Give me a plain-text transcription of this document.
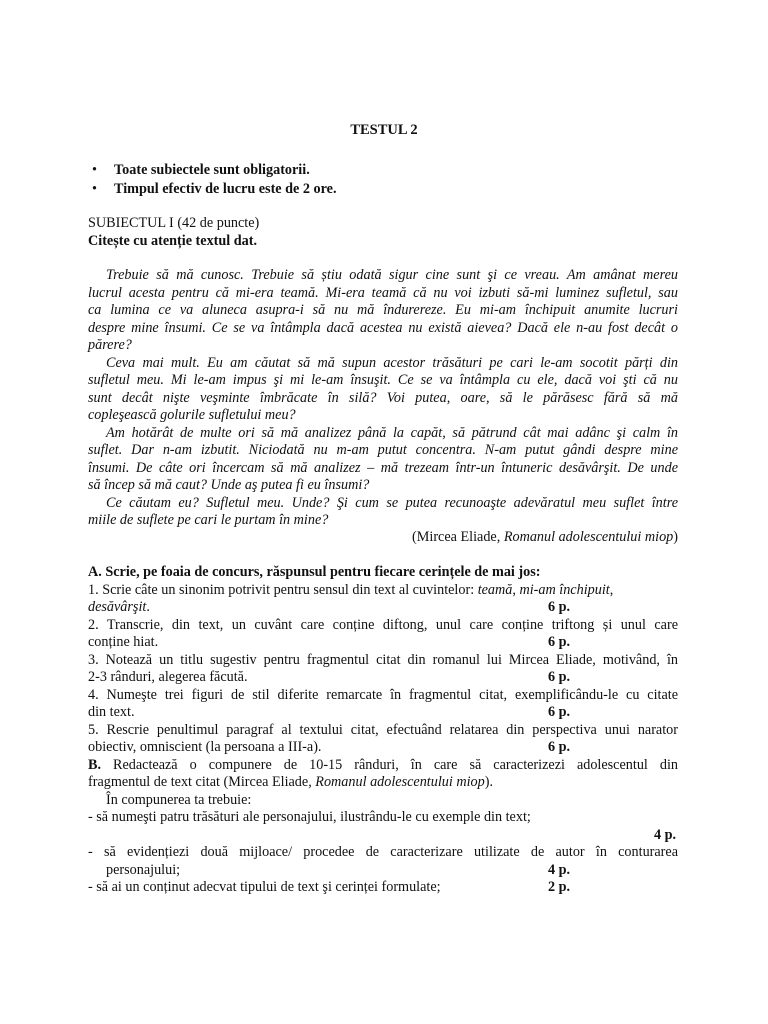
TESTUL 2
• Toate subiectele sunt obligatorii.
• Timpul efectiv de lucru este de 2 ore.
SUBIECTUL I (42 de puncte)
Citește cu atenție textul dat.
Trebuie să mă cunosc. Trebuie să știu odată sigur cine sunt şi ce vreau. Am amânat mereu
lucrul acesta pentru că mi-era teamă. Mi-era teamă că nu voi izbuti să-mi luminez sufletul, sau
ca lumina ce va aluneca asupra-i să nu mă îndurereze. Eu mi-am închipuit anumite lucruri
despre mine însumi. Ce se va întâmpla dacă acestea nu există aievea? Dacă ele n-au fost decât o
părere?
Ceva mai mult. Eu am căutat să mă supun acestor trăsături pe cari le-am socotit părți din
sufletul meu. Mi le-am impus şi mi le-am însuşit. Ce se va întâmpla cu ele, dacă voi şti că nu
sunt decât nişte veşminte îmbrăcate în silă? Voi putea, oare, să le părăsesc fără să mă
copleşească golurile sufletului meu?
Am hotărât de multe ori să mă analizez până la capăt, să pătrund cât mai adânc şi calm în
suflet. Dar n-am izbutit. Niciodată nu m-am putut concentra. N-am putut gândi despre mine
însumi. De câte ori încercam să mă analizez – mă trezeam într-un întuneric desăvârşit. De unde
să încep să mă caut? Unde aş putea fi eu însumi?
Ce căutam eu? Sufletul meu. Unde? Şi cum se putea recunoaşte adevăratul meu suflet între
miile de suflete pe cari le purtam în mine?
(Mircea Eliade, Romanul adolescentului miop)
A. Scrie, pe foaia de concurs, răspunsul pentru fiecare cerințele de mai jos:
1. Scrie câte un sinonim potrivit pentru sensul din text al cuvintelor: teamă, mi-am închipuit,
desăvârşit.	6 p.
2. Transcrie, din text, un cuvânt care conține diftong, unul care conține triftong și unul care
conține hiat.	6 p.
3. Notează un titlu sugestiv pentru fragmentul citat din romanul lui Mircea Eliade, motivând, în
2-3 rânduri, alegerea făcută.	6 p.
4. Numeşte trei figuri de stil diferite remarcate în fragmentul citat, exemplificându-le cu citate
din text.	6 p.
5. Rescrie penultimul paragraf al textului citat, efectuând relatarea din perspectiva unui narator
obiectiv, omniscient (la persoana a III-a).	6 p.
B. Redactează o compunere de 10-15 rânduri, în care să caracterizezi adolescentul din
fragmentul de text citat (Mircea Eliade, Romanul adolescentului miop).
În compunerea ta trebuie:
- să numeşti patru trăsături ale personajului, ilustrându-le cu exemple din text;
4 p.
- să evidențiezi două mijloace/ procedee de caracterizare utilizate de autor în conturarea
personajului;	4 p.
- să ai un conținut adecvat tipului de text şi cerinței formulate;	2 p.
